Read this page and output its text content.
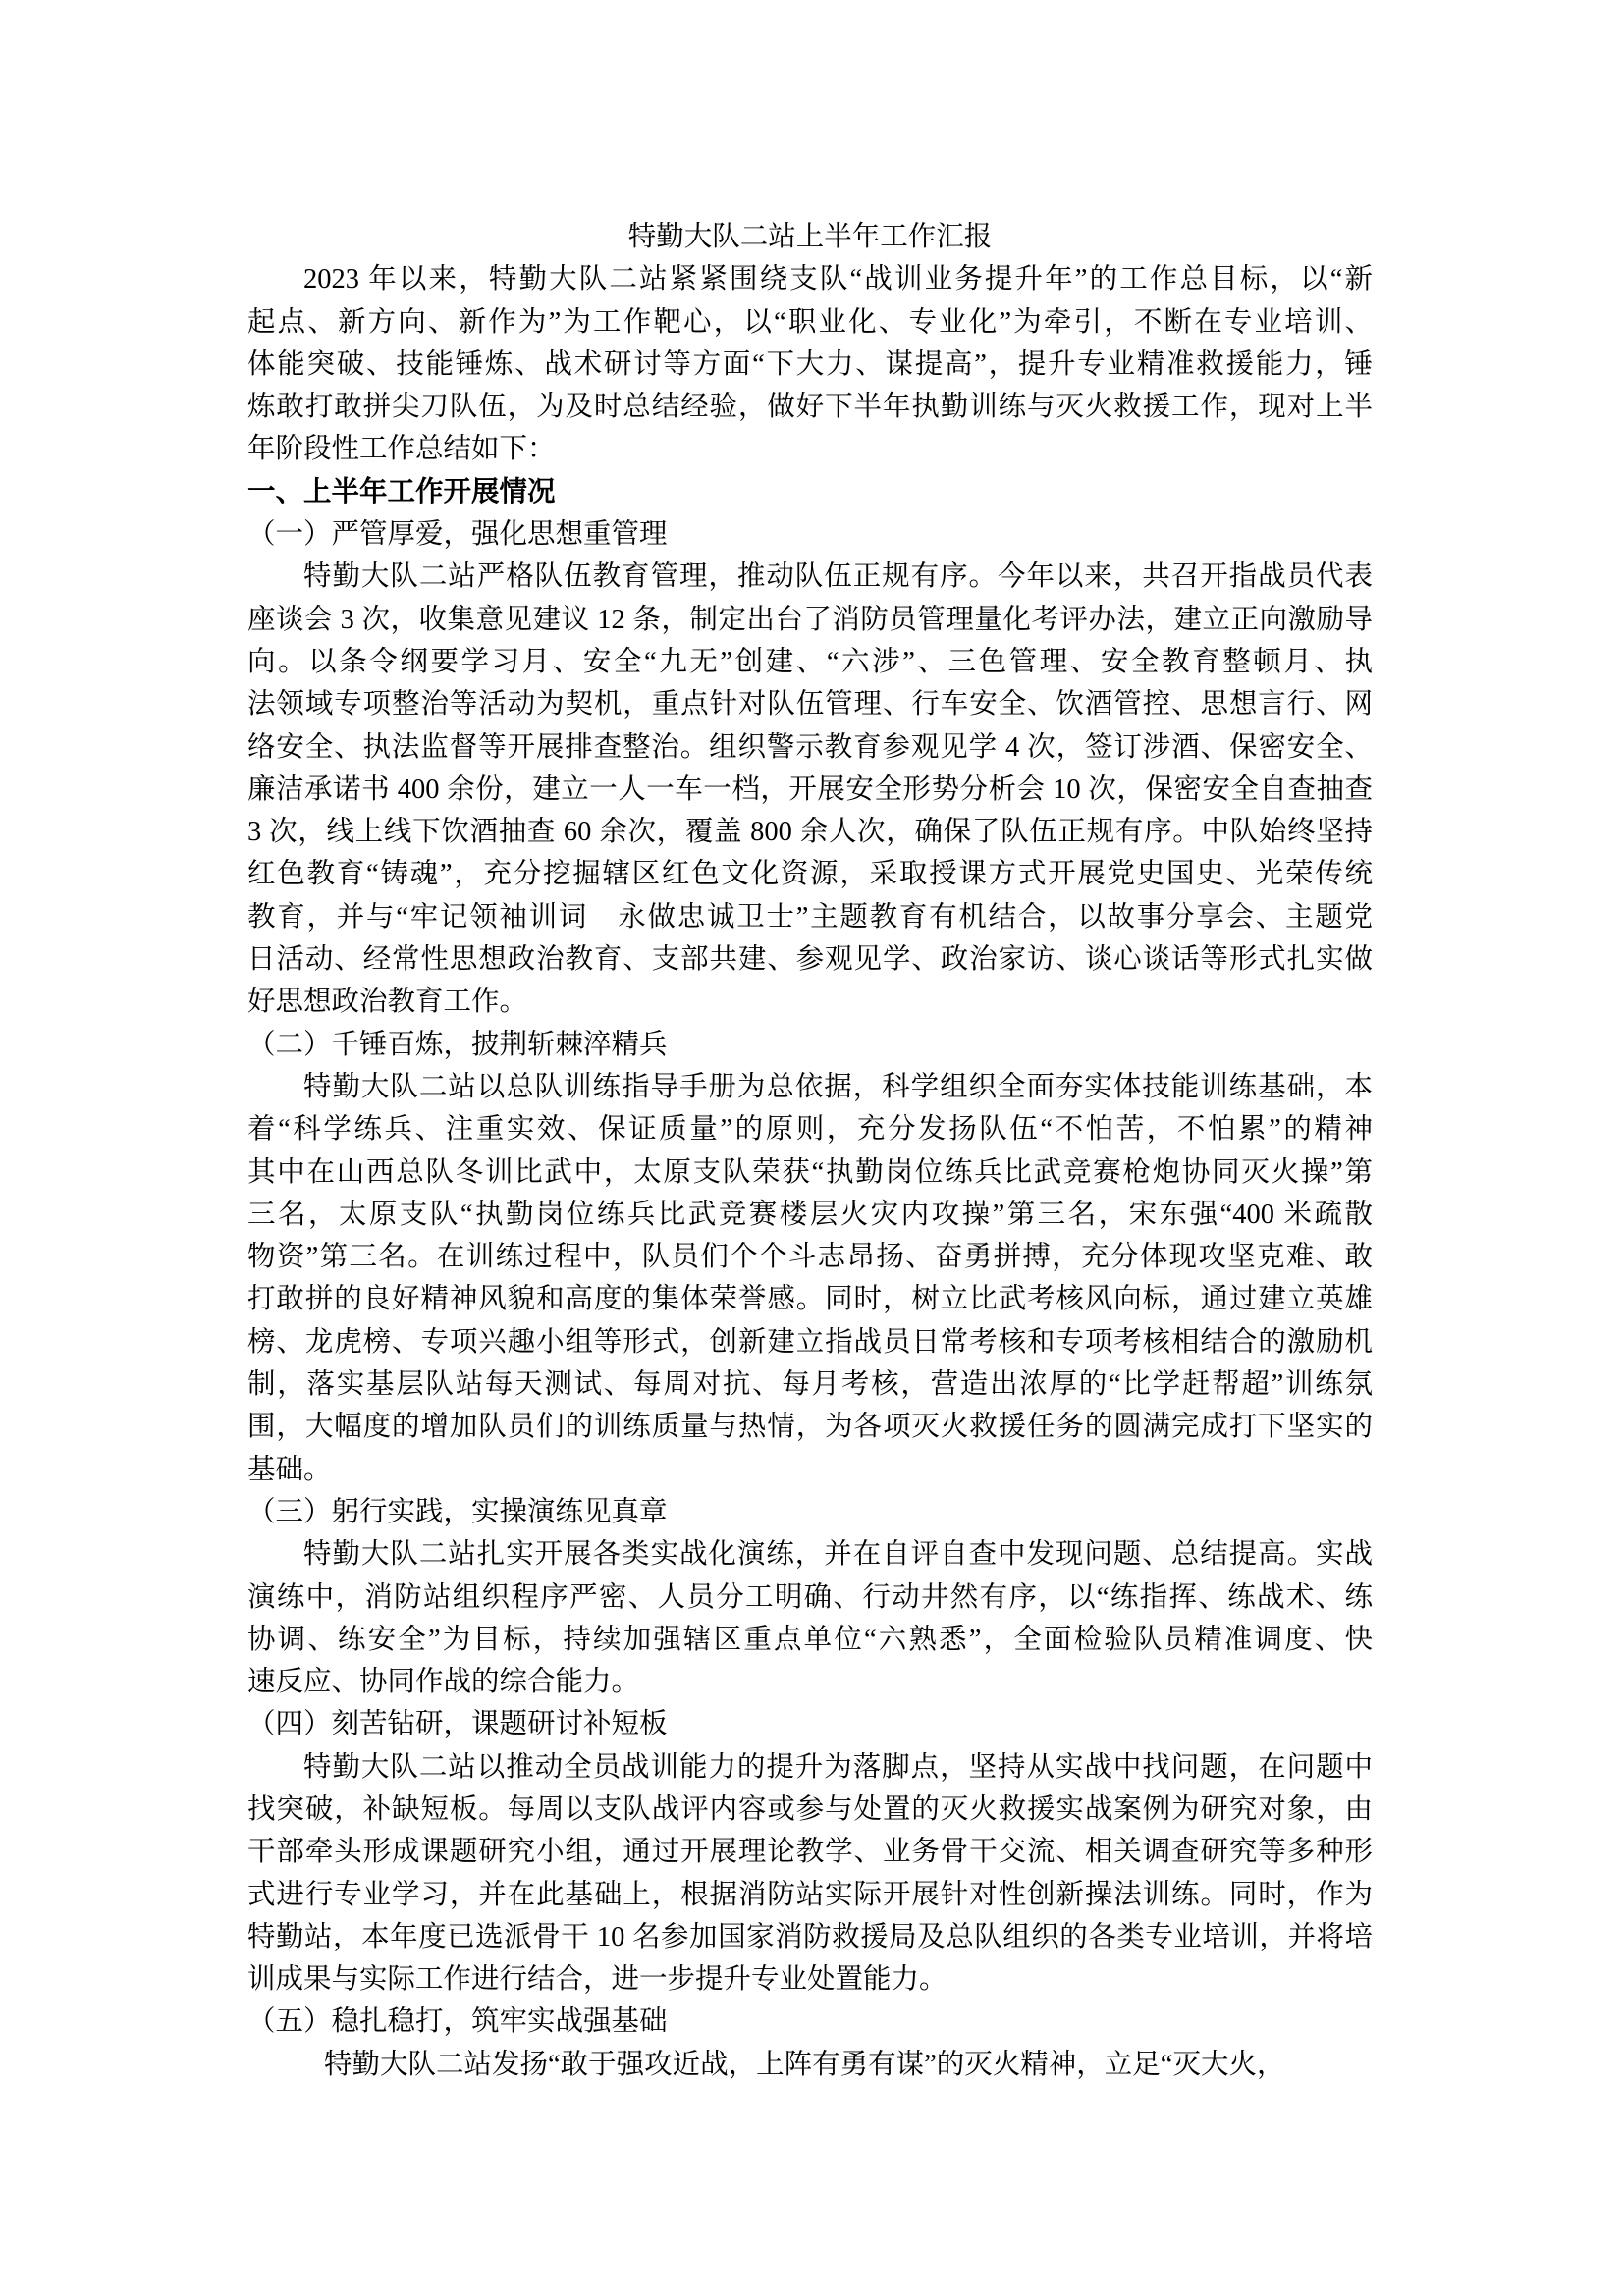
特勤大队二站上半年工作汇报
2023 年以来，特勤大队二站紧紧围绕支队“战训业务提升年”的工作总目标，以“新
起点、新方向、新作为”为工作靶心，以“职业化、专业化”为牵引，不断在专业培训、
体能突破、技能锤炼、战术研讨等方面“下大力、谋提高”，提升专业精准救援能力，锤
炼敢打敢拼尖刀队伍，为及时总结经验，做好下半年执勤训练与灭火救援工作，现对上半
年阶段性工作总结如下：
一、上半年工作开展情况
（一）严管厚爱，强化思想重管理
特勤大队二站严格队伍教育管理，推动队伍正规有序。今年以来，共召开指战员代表
座谈会 3 次，收集意见建议 12 条，制定出台了消防员管理量化考评办法，建立正向激励导
向。以条令纲要学习月、安全“九无”创建、“六涉”、三色管理、安全教育整顿月、执
法领域专项整治等活动为契机，重点针对队伍管理、行车安全、饮酒管控、思想言行、网
络安全、执法监督等开展排查整治。组织警示教育参观见学 4 次，签订涉酒、保密安全、
廉洁承诺书 400 余份，建立一人一车一档，开展安全形势分析会 10 次，保密安全自查抽查
3 次，线上线下饮酒抽查 60 余次，覆盖 800 余人次，确保了队伍正规有序。中队始终坚持
红色教育“铸魂”，充分挖掘辖区红色文化资源，采取授课方式开展党史国史、光荣传统
教育，并与“牢记领袖训词　永做忠诚卫士”主题教育有机结合，以故事分享会、主题党
日活动、经常性思想政治教育、支部共建、参观见学、政治家访、谈心谈话等形式扎实做
好思想政治教育工作。
（二）千锤百炼，披荆斩棘淬精兵
特勤大队二站以总队训练指导手册为总依据，科学组织全面夯实体技能训练基础，本
着“科学练兵、注重实效、保证质量”的原则，充分发扬队伍“不怕苦，不怕累”的精神
其中在山西总队冬训比武中，太原支队荣获“执勤岗位练兵比武竞赛枪炮协同灭火操”第
三名，太原支队“执勤岗位练兵比武竞赛楼层火灾内攻操”第三名，宋东强“400 米疏散
物资”第三名。在训练过程中，队员们个个斗志昂扬、奋勇拼搏，充分体现攻坚克难、敢
打敢拼的良好精神风貌和高度的集体荣誉感。同时，树立比武考核风向标，通过建立英雄
榜、龙虎榜、专项兴趣小组等形式，创新建立指战员日常考核和专项考核相结合的激励机
制，落实基层队站每天测试、每周对抗、每月考核，营造出浓厚的“比学赶帮超”训练氛
围，大幅度的增加队员们的训练质量与热情，为各项灭火救援任务的圆满完成打下坚实的
基础。
（三）躬行实践，实操演练见真章
特勤大队二站扎实开展各类实战化演练，并在自评自查中发现问题、总结提高。实战
演练中，消防站组织程序严密、人员分工明确、行动井然有序，以“练指挥、练战术、练
协调、练安全”为目标，持续加强辖区重点单位“六熟悉”，全面检验队员精准调度、快
速反应、协同作战的综合能力。
（四）刻苦钻研，课题研讨补短板
特勤大队二站以推动全员战训能力的提升为落脚点，坚持从实战中找问题，在问题中
找突破，补缺短板。每周以支队战评内容或参与处置的灭火救援实战案例为研究对象，由
干部牵头形成课题研究小组，通过开展理论教学、业务骨干交流、相关调查研究等多种形
式进行专业学习，并在此基础上，根据消防站实际开展针对性创新操法训练。同时，作为
特勤站，本年度已选派骨干 10 名参加国家消防救援局及总队组织的各类专业培训，并将培
训成果与实际工作进行结合，进一步提升专业处置能力。
（五）稳扎稳打，筑牢实战强基础
特勤大队二站发扬“敢于强攻近战，上阵有勇有谋”的灭火精神，立足“灭大火，
